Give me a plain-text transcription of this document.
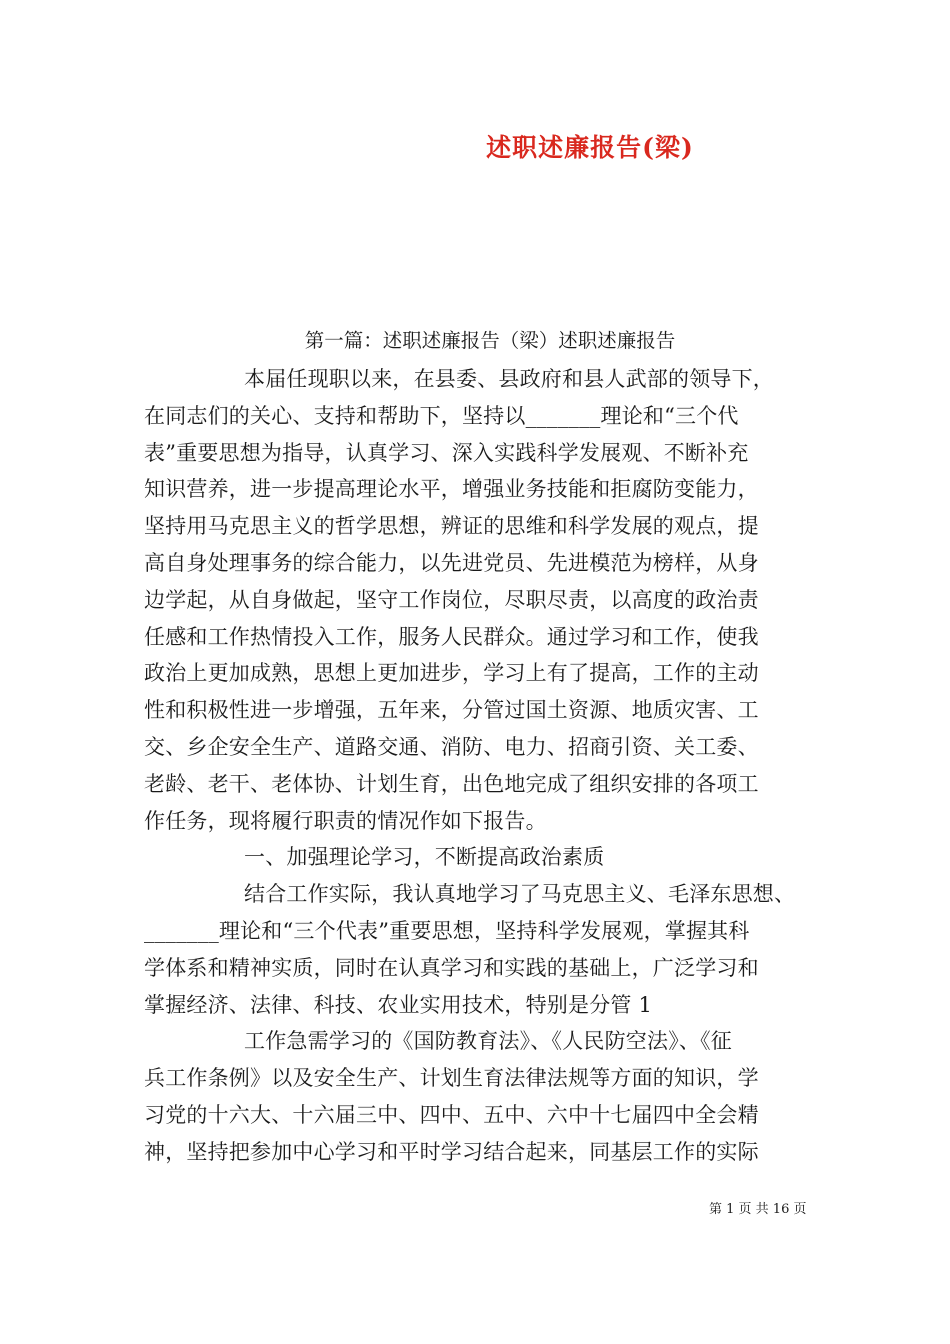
述职述廉报告(梁)
第一篇：述职述廉报告（梁）述职述廉报告
本届任现职以来，在县委、县政府和县人武部的领导下，
在同志们的关心、支持和帮助下，坚持以_______理论和“三个代
表”重要思想为指导，认真学习、深入实践科学发展观、不断补充
知识营养，进一步提高理论水平，增强业务技能和拒腐防变能力，
坚持用马克思主义的哲学思想，辨证的思维和科学发展的观点，提
高自身处理事务的综合能力，以先进党员、先进模范为榜样，从身
边学起，从自身做起，坚守工作岗位，尽职尽责，以高度的政治责
任感和工作热情投入工作，服务人民群众。通过学习和工作，使我
政治上更加成熟，思想上更加进步，学习上有了提高，工作的主动
性和积极性进一步增强，五年来，分管过国土资源、地质灾害、工
交、乡企安全生产、道路交通、消防、电力、招商引资、关工委、
老龄、老干、老体协、计划生育，出色地完成了组织安排的各项工
作任务，现将履行职责的情况作如下报告。
一、加强理论学习，不断提高政治素质
结合工作实际，我认真地学习了马克思主义、毛泽东思想、
_______理论和“三个代表”重要思想，坚持科学发展观，掌握其科
学体系和精神实质，同时在认真学习和实践的基础上，广泛学习和
掌握经济、法律、科技、农业实用技术，特别是分管 1
工作急需学习的《国防教育法》、《人民防空法》、《征
兵工作条例》以及安全生产、计划生育法律法规等方面的知识，学
习党的十六大、十六届三中、四中、五中、六中十七届四中全会精
神，坚持把参加中心学习和平时学习结合起来，同基层工作的实际
第 1 页 共 16 页
